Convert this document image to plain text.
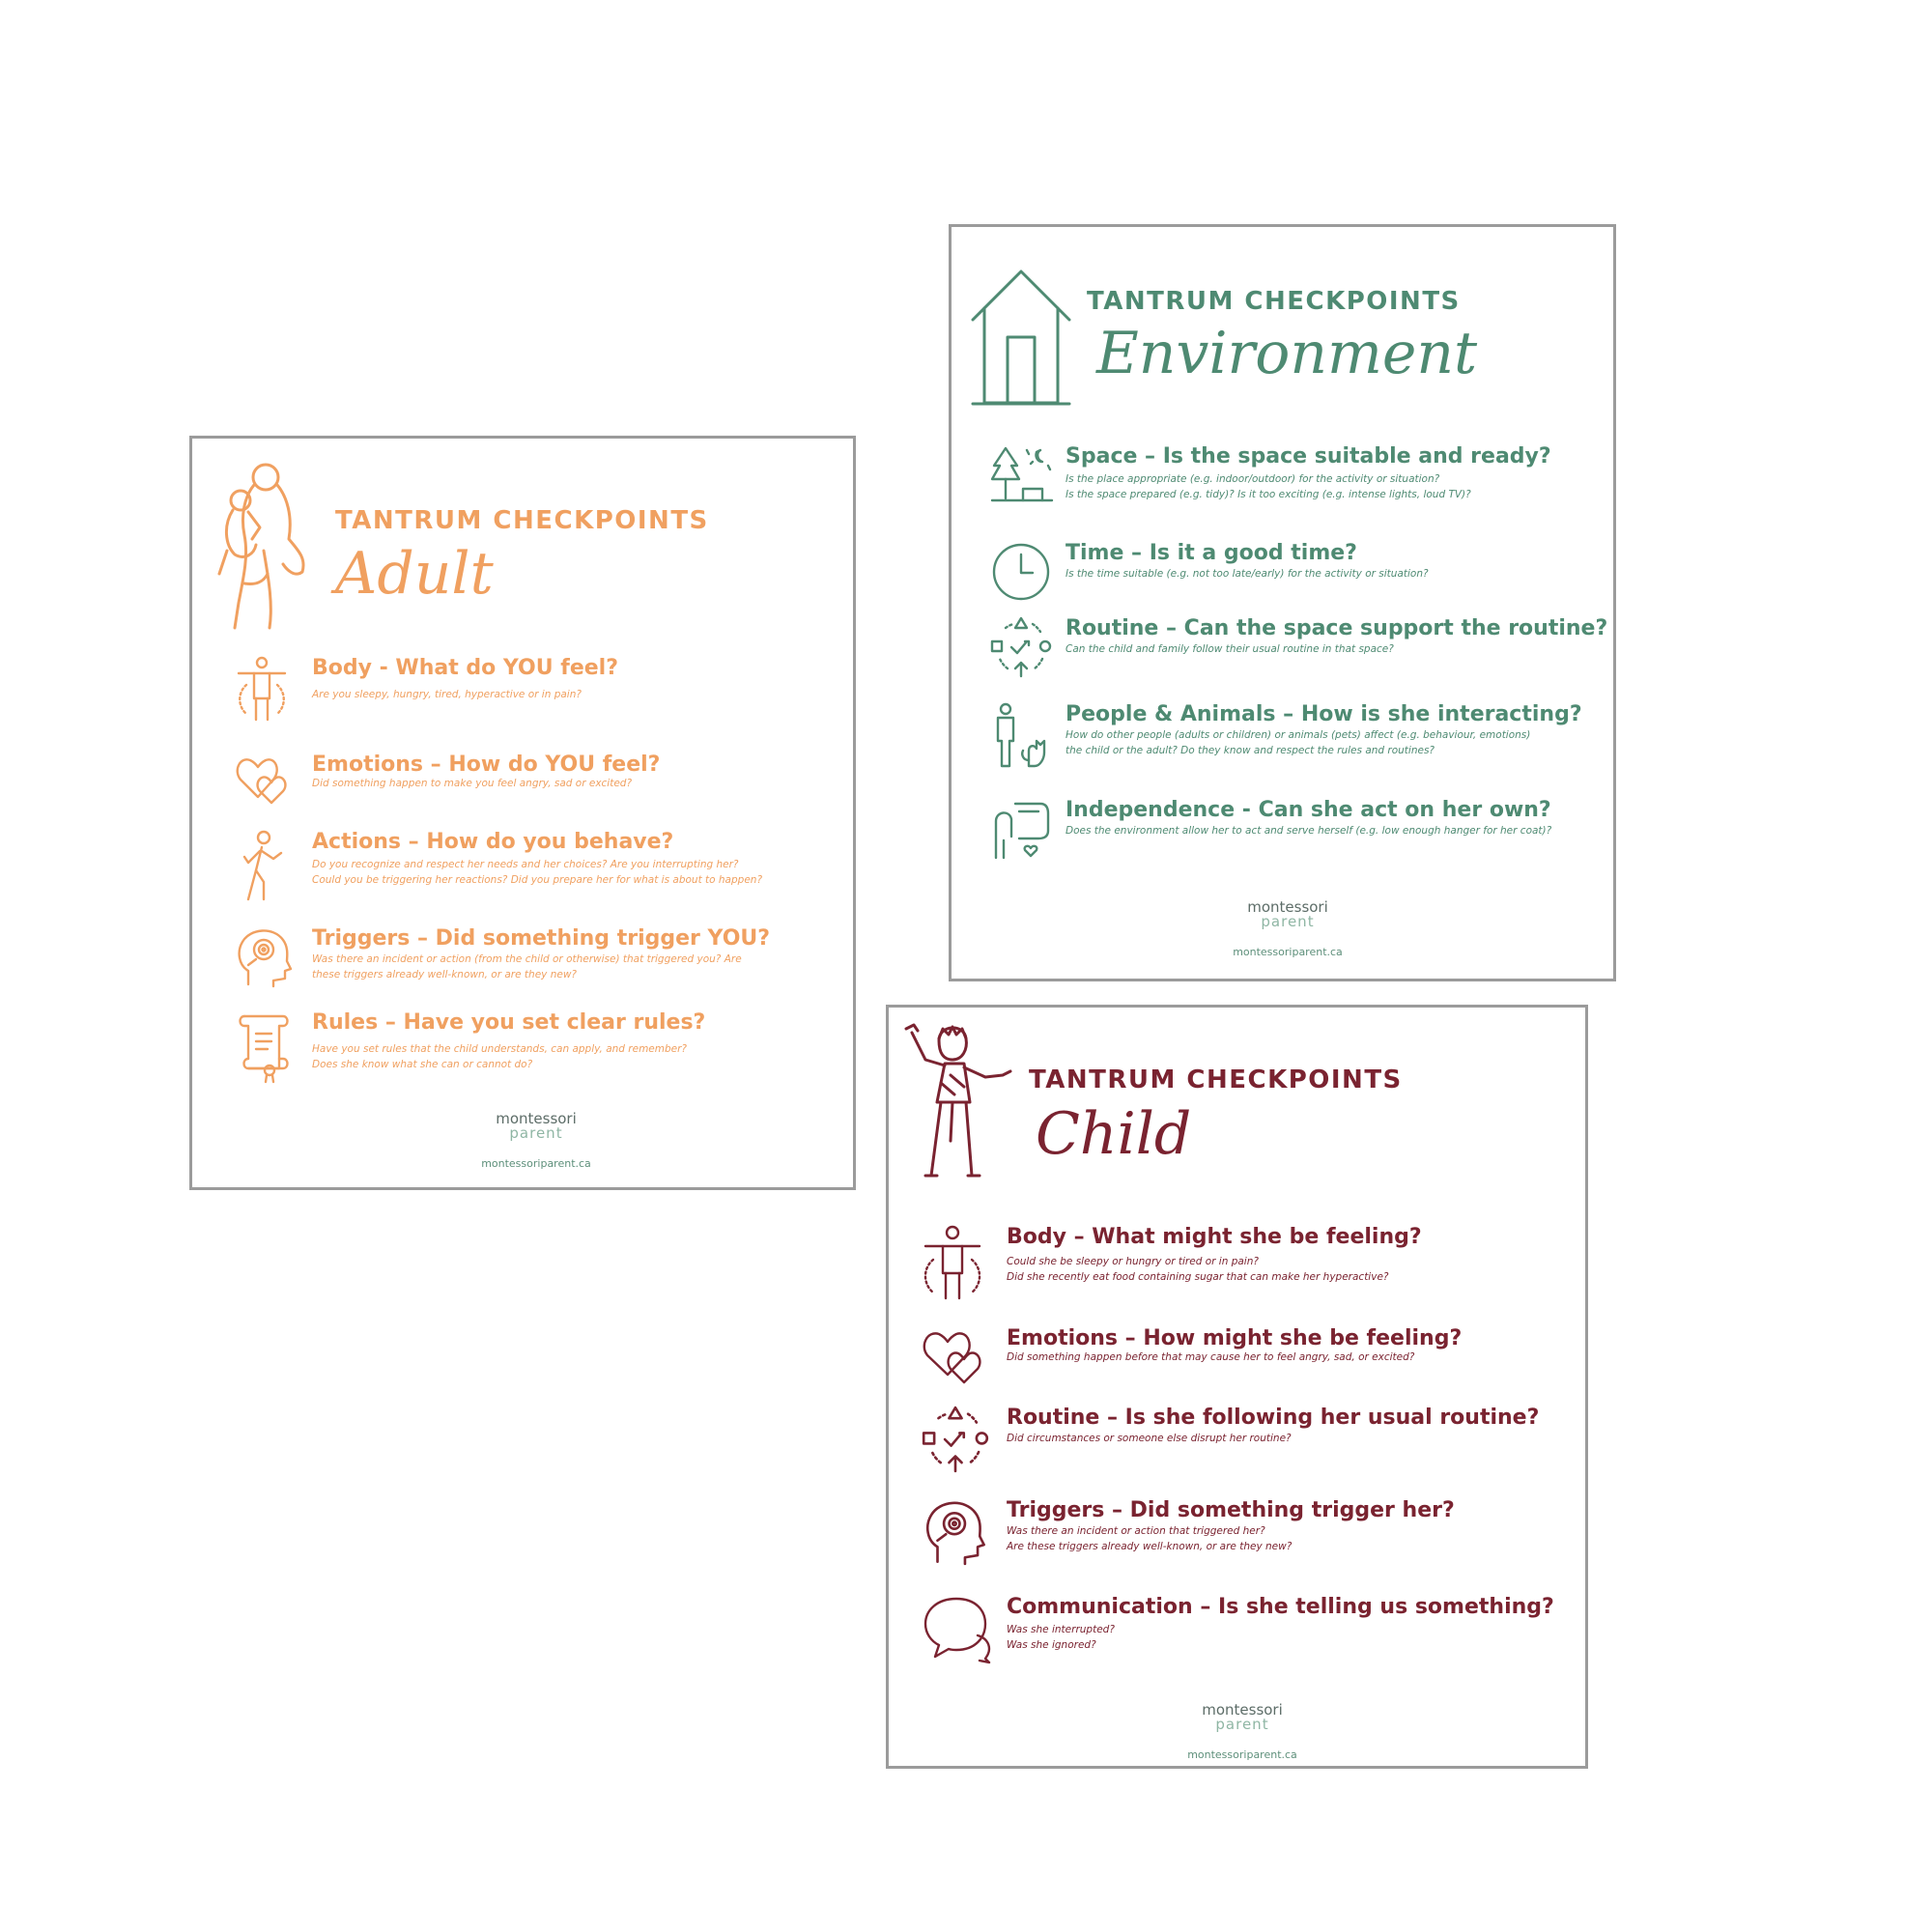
TANTRUM CHECKPOINTS
Adult
Body - What do YOU feel?
Are you sleepy, hungry, tired, hyperactive or in pain?
Emotions – How do YOU feel?
Did something happen to make you feel angry, sad or excited?
Actions – How do you behave?
Do you recognize and respect her needs and her choices? Are you interrupting her?
Could you be triggering her reactions? Did you prepare her for what is about to happen?
Triggers – Did something trigger YOU?
Was there an incident or action (from the child or otherwise) that triggered you? Are
these triggers already well-known, or are they new?
Rules – Have you set clear rules?
Have you set rules that the child understands, can apply, and remember?
Does she know what she can or cannot do?
montessori
parent
montessoriparent.ca
TANTRUM CHECKPOINTS
Environment
Space – Is the space suitable and ready?
Is the place appropriate (e.g. indoor/outdoor) for the activity or situation?
Is the space prepared (e.g. tidy)? Is it too exciting (e.g. intense lights, loud TV)?
Time – Is it a good time?
Is the time suitable (e.g. not too late/early) for the activity or situation?
Routine – Can the space support the routine?
Can the child and family follow their usual routine in that space?
People & Animals – How is she interacting?
How do other people (adults or children) or animals (pets) affect (e.g. behaviour, emotions)
the child or the adult? Do they know and respect the rules and routines?
Independence - Can she act on her own?
Does the environment allow her to act and serve herself (e.g. low enough hanger for her coat)?
montessori
parent
montessoriparent.ca
TANTRUM CHECKPOINTS
Child
Body – What might she be feeling?
Could she be sleepy or hungry or tired or in pain?
Did she recently eat food containing sugar that can make her hyperactive?
Emotions – How might she be feeling?
Did something happen before that may cause her to feel angry, sad, or excited?
Routine – Is she following her usual routine?
Did circumstances or someone else disrupt her routine?
Triggers – Did something trigger her?
Was there an incident or action that triggered her?
Are these triggers already well-known, or are they new?
Communication – Is she telling us something?
Was she interrupted?
Was she ignored?
montessori
parent
montessoriparent.ca
